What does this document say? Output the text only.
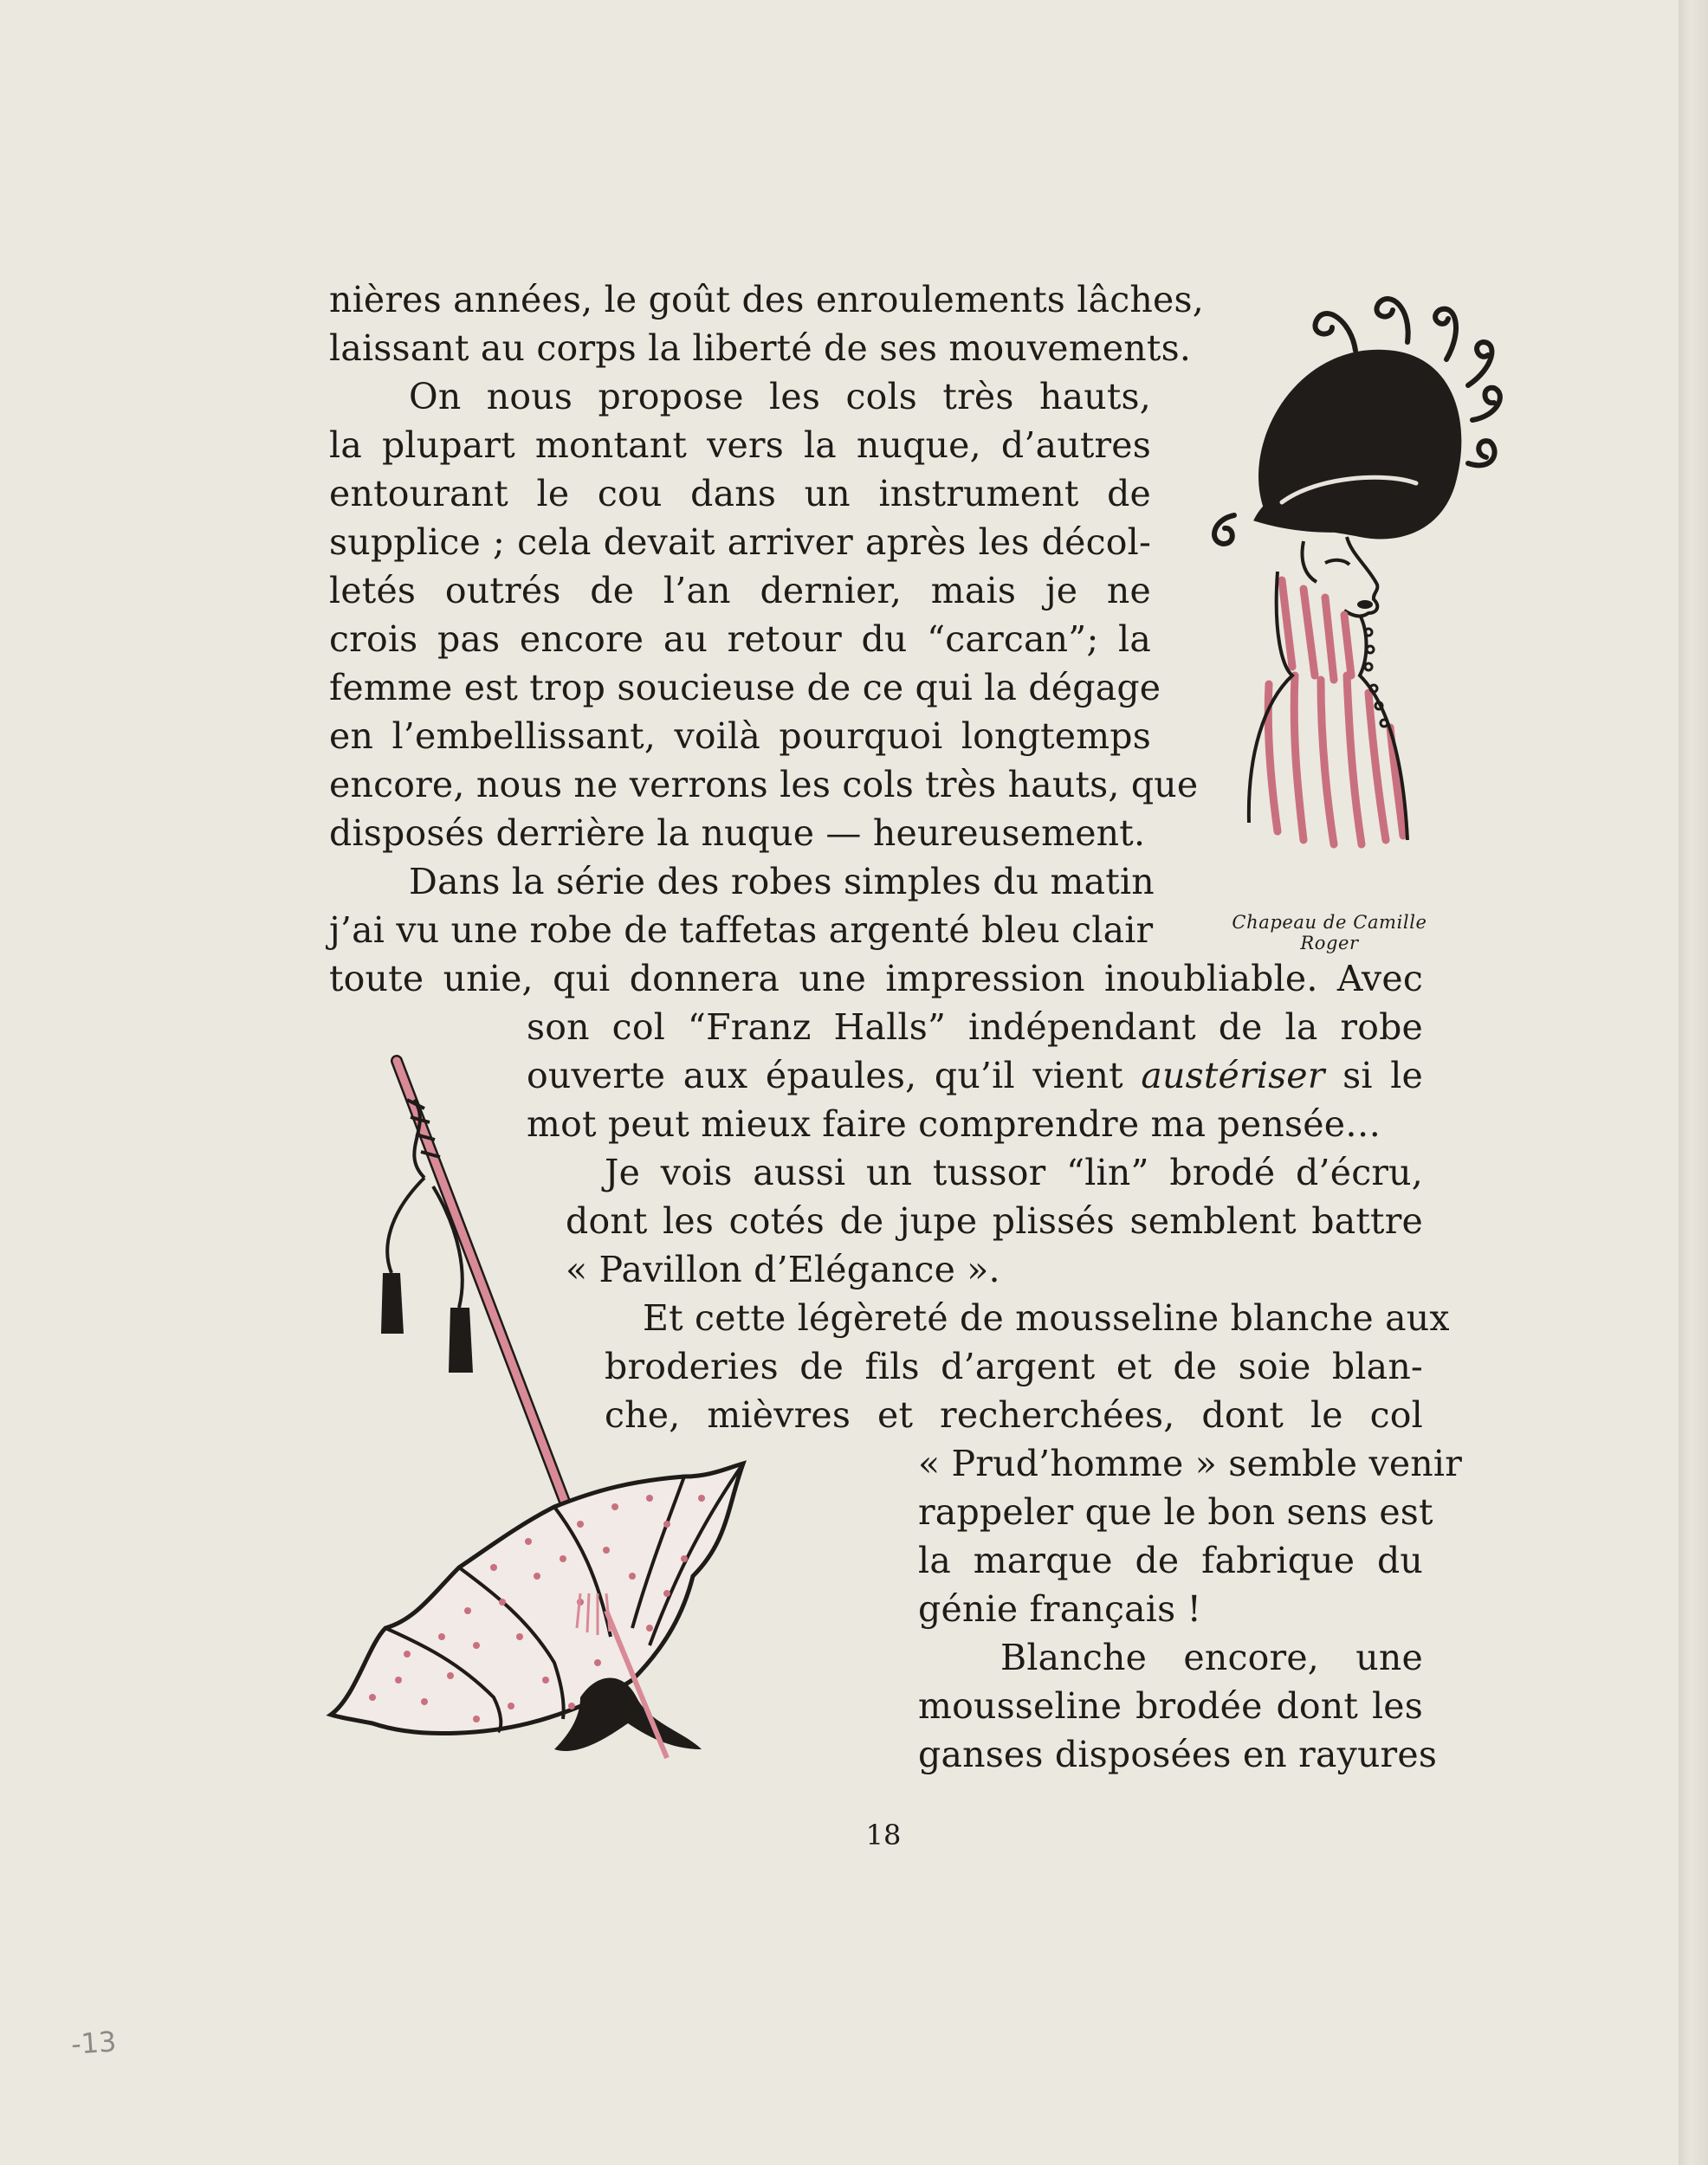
nières années, le goût des enroulements lâches,
laissant au corps la liberté de ses mouvements.
On nous propose les cols très hauts,
la plupart montant vers la nuque, d’autres
entourant le cou dans un instrument de
supplice ; cela devait arriver après les décol-
letés outrés de l’an dernier, mais je ne
crois pas encore au retour du “carcan”; la
femme est trop soucieuse de ce qui la dégage
en l’embellissant, voilà pourquoi longtemps
encore, nous ne verrons les cols très hauts, que
disposés derrière la nuque — heureusement.
Dans la série des robes simples du matin
j’ai vu une robe de taffetas argenté bleu clair
toute unie, qui donnera une impression inoubliable. Avec
son col “Franz Halls” indépendant de la robe
ouverte aux épaules, qu’il vient austériser si le
mot peut mieux faire comprendre ma pensée…
Je vois aussi un tussor “lin” brodé d’écru,
dont les cotés de jupe plissés semblent battre
« Pavillon d’Elégance ».
Et cette légèreté de mousseline blanche aux
broderies de fils d’argent et de soie blan-
che, mièvres et recherchées, dont le col
« Prud’homme » semble venir
rappeler que le bon sens est
la marque de fabrique du
génie français !
Blanche encore, une
mousseline brodée dont les
ganses disposées en rayures
Chapeau de Camille Roger
18
-13
